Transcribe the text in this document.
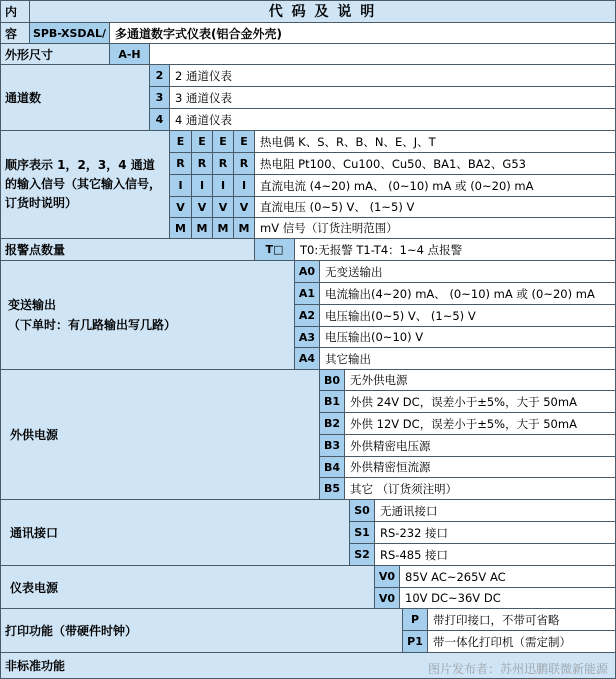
内	代 码 及 说 明
容	SPB-XSDAL/ 多通道数字式仪表(铝合金外壳)
外形尺寸	A-H
通道数
2	2 通道仪表
3	3 通道仪表
4	4 通道仪表
顺序表示 1，2，3，4 通道的输入信号（其它输入信号，订货时说明）
E	E	E	E	热电偶 K、S、R、B、N、E、J、T
R	R	R	R	热电阻 Pt100、Cu100、Cu50、BA1、BA2、G53
I	I	I	I	直流电流 (4~20) mA、 (0~10) mA 或 (0~20) mA
V	V	V	V	直流电压 (0~5) V、 (1~5) V
M M M M mV 信号（订货注明范围）
报警点数量	T□	T0:无报警 T1-T4：1~4 点报警
变送输出
（下单时：有几路输出写几路）
A0 无变送输出
A1 电流输出(4~20) mA、 (0~10) mA 或 (0~20) mA
A2 电压输出(0~5) V、 (1~5) V
A3 电压输出(0~10) V
A4 其它输出
外供电源
B0 无外供电源
B1 外供 24V DC，误差小于±5%，大于 50mA
B2 外供 12V DC，误差小于±5%，大于 50mA
B3 外供精密电压源
B4 外供精密恒流源
B5 其它 （订货须注明）
通讯接口
S0 无通讯接口
S1 RS-232 接口
S2 RS-485 接口
仪表电源
V0 85V AC~265V AC
V0 10V DC~36V DC
打印功能（带硬件时钟）
P	带打印接口，不带可省略
P1 带一体化打印机（需定制）
非标准功能	图片发布者：苏州迅鹏联微新能源
